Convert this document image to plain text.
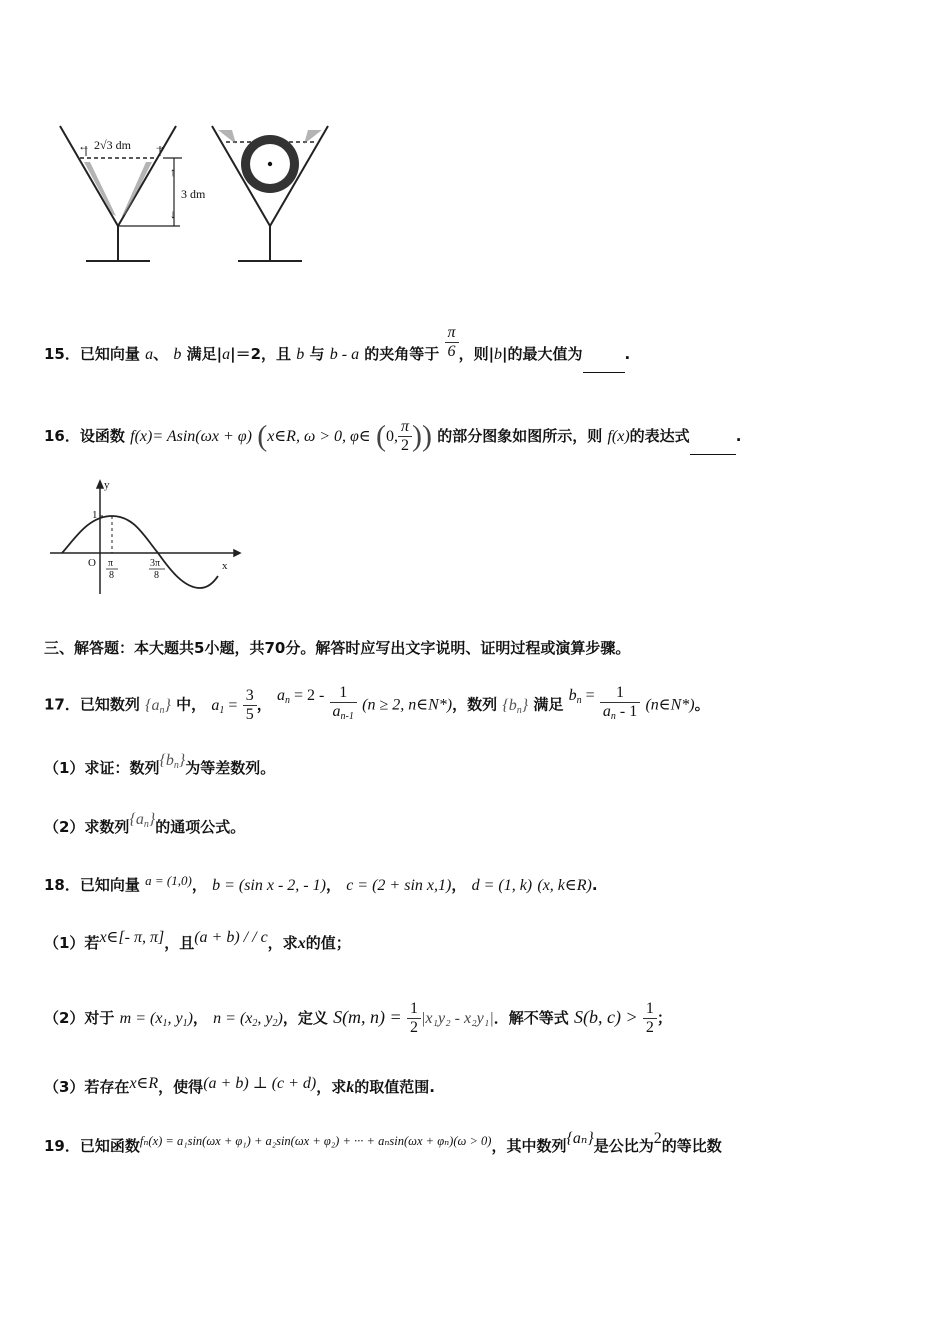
←	→
2√3 dm
3 dm
↑
↓
15．已知向量 a、 b 满足|a|＝2，且 b 与 b - a 的夹角等于 $\frac{\pi}{6}$ ，则|b|的最大值为	.
16．设函数 f(x)= Asin(ωx + φ) (x∈R, ω > 0, φ∈ (0, $\frac{\pi}{2}$ )) 的部分图象如图所示，则 f(x)的表达式	.
y
x
O
1
π
8
3π
8
三、解答题：本大题共5小题，共70分。解答时应写出文字说明、证明过程或演算步骤。
17．已知数列 $\{a_n\}$ 中， $a_1 = \frac{3}{5}$ ， $a_n = 2 - \frac{1}{a_{n-1}} (n \ge 2$, n∈N*)，数列 $\{b_n\}$ 满足 $b_n = \frac{1}{a_n - 1}$ (n∈N*)。
（1）求证：数列$\{b_n\}$为等差数列。
（2）求数列$\{a_n\}$的通项公式。
18．已知向量 a = (1,0)， b = (sin x - 2, - 1)， c = (2 + sin x,1)， d = (1, k) (x, k∈R).
（1）若x∈[- π, π]，且(a + b) / / c，求x的值；
（2）对于 $m = (x_1$, $y_1$)， $n = (x_2$, $y_2$)，定义 S(m, $n) = \frac{1}{2} |x_1y_2 - x_2y_1|$．解不等式 S(b, $c) > \frac{1}{2}$ ；
（3）若存在x∈R，使得(a + b) ⊥ (c + d)，求k的取值范围.
19．已知函数$^{f_n(x) = a_1sin(\omega x + \varphi_1) + a_2sin(\omega x + \varphi_2) + \cdot\cdot\cdot + a_nsin(\omega x + \varphi_n)(\omega > 0)}$，其中数列{aₙ}是公比为2的等比数
